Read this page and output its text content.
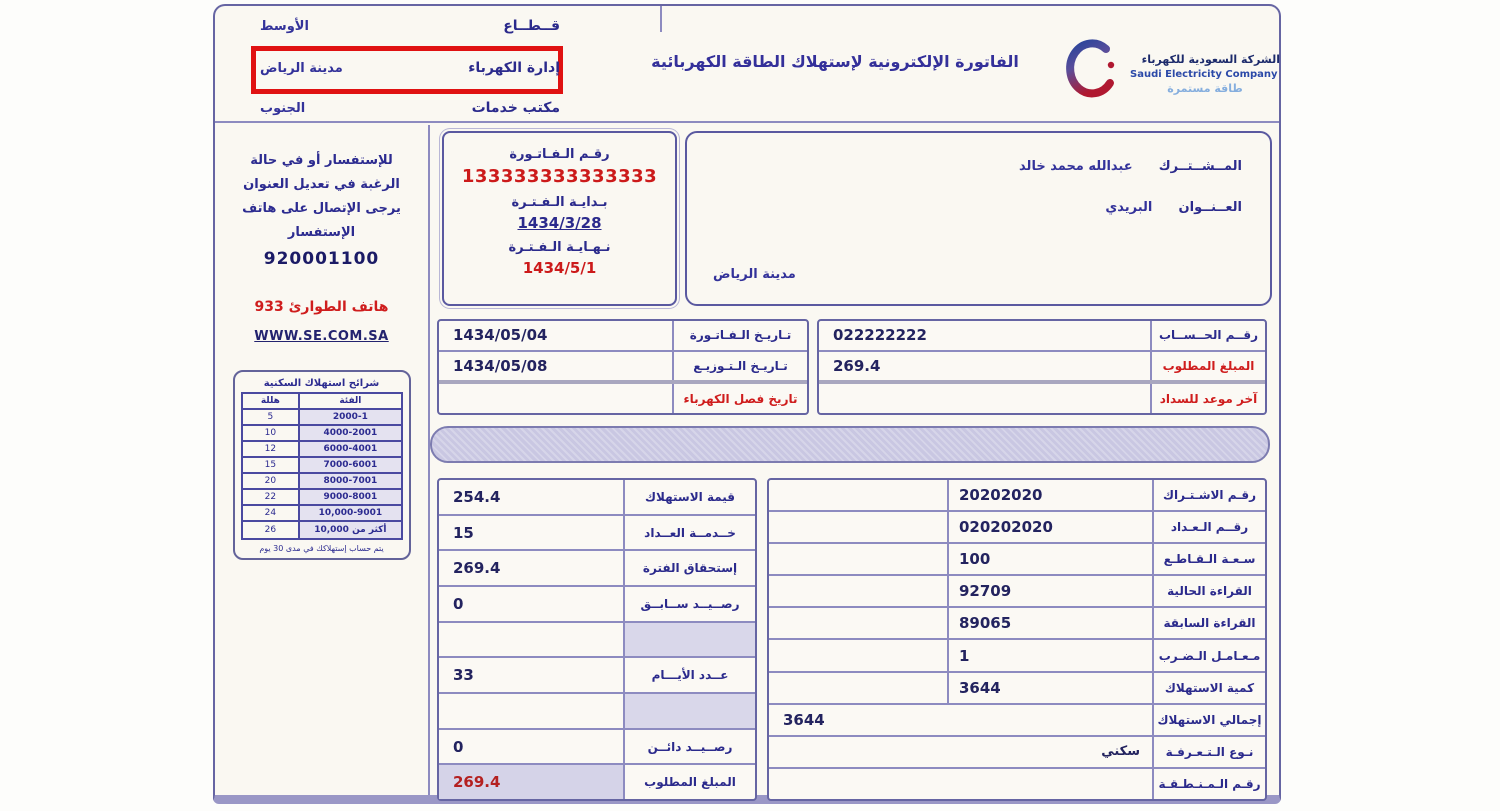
قــطــاع
الأوسط
إدارة الكهرباء
مدينة الرياض
مكتب خدمات
الجنوب
الفاتورة الإلكترونية لإستهلاك الطاقة الكهربائية	الشركة السعودية للكهرباء
Saudi Electricity Company
طاقة مستمرة
للإستفسار أو في حالة الرغبة في تعديل العنوان يرجى الإتصال على هاتف الإستفسار
920001100
هاتف الطوارئ 933
WWW.SE.COM.SA
شرائح استهلاك السكنية
الفئة
هللة
2000-1
5
4000-2001
10
6000-4001
12
7000-6001
15
8000-7001
20
9000-8001
22
10,000-9001
24
أكثر من 10,000
26
يتم حساب إستهلاكك في مدى 30 يوم
رقـم الـفـاتـورة
133333333333333
بـدايـة الـفـتـرة
1434/3/28
نـهـايـة الـفـتـرة
1434/5/1
المــشــتــرك عبدالله محمد خالد
العــنــوان البريدي
مدينة الرياض
تـاريـخ الـفـاتـورة
1434/05/04
تـاريـخ الـتـوزيـع
1434/05/08
تاريخ فصل الكهرباء
رقــم الحــســاب
022222222
المبلغ المطلوب
269.4
آخر موعد للسداد
قيمة الاستهلاك
254.4
خــدمــة العــداد
15
إستحقاق الفترة
269.4
رصــيــد ســابــق
0
عــدد الأيـــام
33
رصــيــد دائــن
0
المبلغ المطلوب
269.4
رقـم الاشـتـراك
20202020
رقــم الـعـداد
020202020
سـعـة الـقـاطـع
100
القراءة الحالية
92709
القراءة السابقة
89065
مـعـامـل الـضـرب
1
كمية الاستهلاك
3644
إجمالي الاستهلاك
3644
نـوع الـتـعـرفـة
سكني
رقـم الـمـنـطـقـة
